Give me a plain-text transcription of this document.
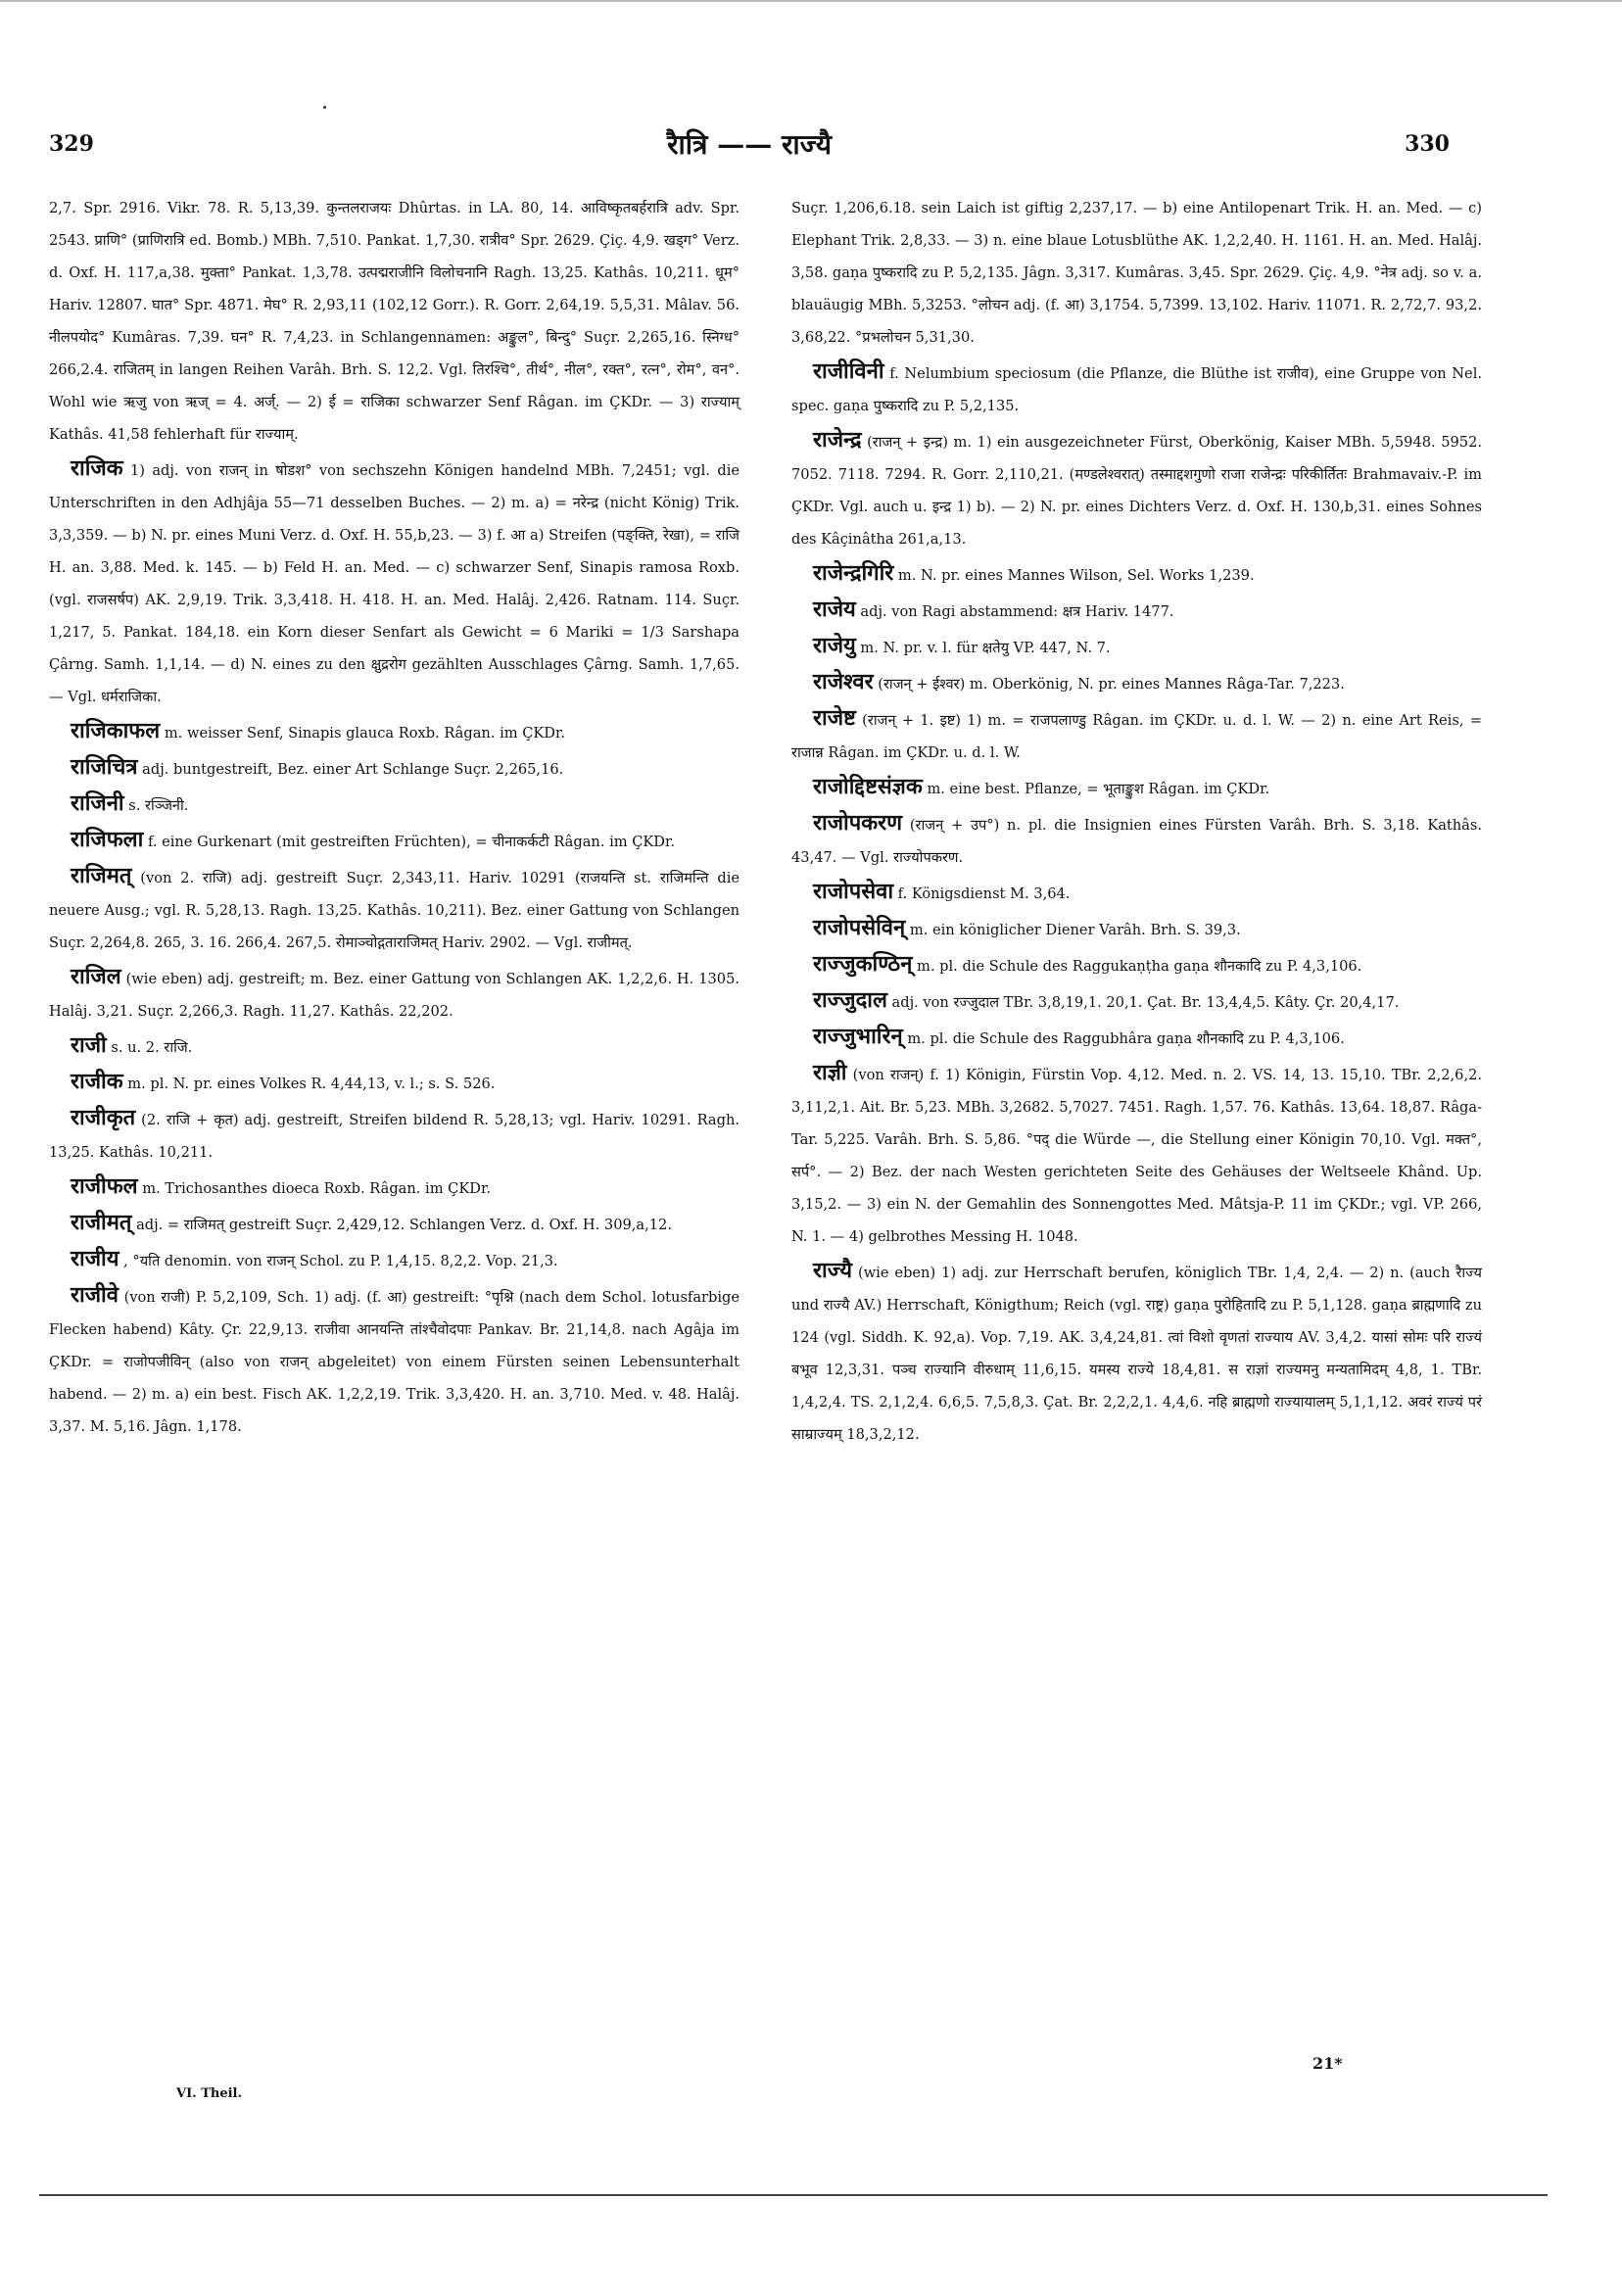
329	रैात्रि —— राज्यै	330

2,7. Spr. 2916. Vikr. 78. R. 5,13,39. कुन्तलराजयः Dhûrtas. in LA. 80, 14. आविष्कृतबर्हरात्रि adv. Spr. 2543. प्राणि° (प्राणिरात्रि ed. Bomb.) MBh. 7,510. Pankat. 1,7,30. रात्रीव° Spr. 2629. Çiç. 4,9. खड्ग° Verz. d. Oxf. H. 117,a,38. मुक्ता° Pankat. 1,3,78. उत्पद्मराजीनि विलोचनानि Ragh. 13,25. Kathâs. 10,211. धूम° Hariv. 12807. घात° Spr. 4871. मेघ° R. 2,93,11 (102,12 Gorr.). R. Gorr. 2,64,19. 5,5,31. Mâlav. 56. नीलपयोद° Kumâras. 7,39. घन° R. 7,4,23. in Schlangennamen: अङ्कुल°, बिन्दु° Suçr. 2,265,16. स्निग्ध° 266,2.4. राजितम् in langen Reihen Varâh. Brh. S. 12,2. Vgl. तिरश्चि°, तीर्थ°, नील°, रक्त°, रत्न°, रोम°, वन°. Wohl wie ऋजु von ऋज् = 4. अर्ज्. — 2) ई = राजिका schwarzer Senf Râgan. im ÇKDr. — 3) राज्याम् Kathâs. 41,58 fehlerhaft für राज्याम्.

राजिक 1) adj. von राजन् in षोडश° von sechszehn Königen handelnd MBh. 7,2451; vgl. die Unterschriften in den Adhjâja 55—71 desselben Buches. — 2) m. a) = नरेन्द्र (nicht König) Trik. 3,3,359. — b) N. pr. eines Muni Verz. d. Oxf. H. 55,b,23. — 3) f. आ a) Streifen (पङ्क्ति, रेखा), = राजि H. an. 3,88. Med. k. 145. — b) Feld H. an. Med. — c) schwarzer Senf, Sinapis ramosa Roxb. (vgl. राजसर्षप) AK. 2,9,19. Trik. 3,3,418. H. 418. H. an. Med. Halâj. 2,426. Ratnam. 114. Suçr. 1,217, 5. Pankat. 184,18. ein Korn dieser Senfart als Gewicht = 6 Mariki = 1/3 Sarshapa Çârng. Samh. 1,1,14. — d) N. eines zu den क्षुद्ररोग gezählten Ausschlages Çârng. Samh. 1,7,65. — Vgl. धर्मराजिका.

राजिकाफल m. weisser Senf, Sinapis glauca Roxb. Râgan. im ÇKDr.

राजिचित्र adj. buntgestreift, Bez. einer Art Schlange Suçr. 2,265,16.

राजिनी s. रञ्जिनी.

राजिफला f. eine Gurkenart (mit gestreiften Früchten), = चीनाकर्कटी Râgan. im ÇKDr.

राजिमत् (von 2. राजि) adj. gestreift Suçr. 2,343,11. Hariv. 10291 (राजयन्ति st. राजिमन्ति die neuere Ausg.; vgl. R. 5,28,13. Ragh. 13,25. Kathâs. 10,211). Bez. einer Gattung von Schlangen Suçr. 2,264,8. 265, 3. 16. 266,4. 267,5. रोमाञ्चोद्गताराजिमत् Hariv. 2902. — Vgl. राजीमत्.

राजिल (wie eben) adj. gestreift; m. Bez. einer Gattung von Schlangen AK. 1,2,2,6. H. 1305. Halâj. 3,21. Suçr. 2,266,3. Ragh. 11,27. Kathâs. 22,202.

राजी s. u. 2. राजि.

राजीक m. pl. N. pr. eines Volkes R. 4,44,13, v. l.; s. S. 526.

राजीकृत (2. राजि + कृत) adj. gestreift, Streifen bildend R. 5,28,13; vgl. Hariv. 10291. Ragh. 13,25. Kathâs. 10,211.

राजीफल m. Trichosanthes dioeca Roxb. Râgan. im ÇKDr.

राजीमत् adj. = राजिमत् gestreift Suçr. 2,429,12. Schlangen Verz. d. Oxf. H. 309,a,12.

राजीय , °यति denomin. von राजन् Schol. zu P. 1,4,15. 8,2,2. Vop. 21,3.

राजीवे (von राजी) P. 5,2,109, Sch. 1) adj. (f. आ) gestreift: °पृश्नि (nach dem Schol. lotusfarbige Flecken habend) Kâty. Çr. 22,9,13. राजीवा आनयन्ति तांश्चैवोदपाः Pankav. Br. 21,14,8. nach Agâja im ÇKDr. = राजोपजीविन् (also von राजन् abgeleitet) von einem Fürsten seinen Lebensunterhalt habend. — 2) m. a) ein best. Fisch AK. 1,2,2,19. Trik. 3,3,420. H. an. 3,710. Med. v. 48. Halâj. 3,37. M. 5,16. Jâgn. 1,178.

Suçr. 1,206,6.18. sein Laich ist giftig 2,237,17. — b) eine Antilopenart Trik. H. an. Med. — c) Elephant Trik. 2,8,33. — 3) n. eine blaue Lotusblüthe AK. 1,2,2,40. H. 1161. H. an. Med. Halâj. 3,58. gaṇa पुष्करादि zu P. 5,2,135. Jâgn. 3,317. Kumâras. 3,45. Spr. 2629. Çiç. 4,9. °नेत्र adj. so v. a. blauäugig MBh. 5,3253. °लोचन adj. (f. आ) 3,1754. 5,7399. 13,102. Hariv. 11071. R. 2,72,7. 93,2. 3,68,22. °प्रभलोचन 5,31,30.

राजीविनी f. Nelumbium speciosum (die Pflanze, die Blüthe ist राजीव), eine Gruppe von Nel. spec. gaṇa पुष्करादि zu P. 5,2,135.

राजेन्द्र (राजन् + इन्द्र) m. 1) ein ausgezeichneter Fürst, Oberkönig, Kaiser MBh. 5,5948. 5952. 7052. 7118. 7294. R. Gorr. 2,110,21. (मण्डलेश्वरात्) तस्माद्दशगुणो राजा राजेन्द्रः परिकीर्तितः Brahmavaiv.-P. im ÇKDr. Vgl. auch u. इन्द्र 1) b). — 2) N. pr. eines Dichters Verz. d. Oxf. H. 130,b,31. eines Sohnes des Kâçinâtha 261,a,13.

राजेन्द्रगिरि m. N. pr. eines Mannes Wilson, Sel. Works 1,239.

राजेय adj. von Ragi abstammend: क्षत्र Hariv. 1477.

राजेयु m. N. pr. v. l. für क्षतेयु VP. 447, N. 7.

राजेश्वर (राजन् + ईश्वर) m. Oberkönig, N. pr. eines Mannes Râga-Tar. 7,223.

राजेष्ट (राजन् + 1. इष्ट) 1) m. = राजपलाण्डु Râgan. im ÇKDr. u. d. l. W. — 2) n. eine Art Reis, = राजान्न Râgan. im ÇKDr. u. d. l. W.

राजोद्दिष्टसंज्ञक m. eine best. Pflanze, = भूताङ्कुश Râgan. im ÇKDr.

राजोपकरण (राजन् + उप°) n. pl. die Insignien eines Fürsten Varâh. Brh. S. 3,18. Kathâs. 43,47. — Vgl. राज्योपकरण.

राजोपसेवा f. Königsdienst M. 3,64.

राजोपसेविन् m. ein königlicher Diener Varâh. Brh. S. 39,3.

राज्जुकण्ठिन् m. pl. die Schule des Raggukaṇṭha gaṇa शौनकादि zu P. 4,3,106.

राज्जुदाल adj. von रज्जुदाल TBr. 3,8,19,1. 20,1. Çat. Br. 13,4,4,5. Kâty. Çr. 20,4,17.

राज्जुभारिन् m. pl. die Schule des Raggubhâra gaṇa शौनकादि zu P. 4,3,106.

राज्ञी (von राजन्) f. 1) Königin, Fürstin Vop. 4,12. Med. n. 2. VS. 14, 13. 15,10. TBr. 2,2,6,2. 3,11,2,1. Ait. Br. 5,23. MBh. 3,2682. 5,7027. 7451. Ragh. 1,57. 76. Kathâs. 13,64. 18,87. Râga-Tar. 5,225. Varâh. Brh. S. 5,86. °पद् die Würde —, die Stellung einer Königin 70,10. Vgl. मक्त°, सर्प°. — 2) Bez. der nach Westen gerichteten Seite des Gehäuses der Weltseele Khând. Up. 3,15,2. — 3) ein N. der Gemahlin des Sonnengottes Med. Mâtsja-P. 11 im ÇKDr.; vgl. VP. 266, N. 1. — 4) gelbrothes Messing H. 1048.

राज्यै (wie eben) 1) adj. zur Herrschaft berufen, königlich TBr. 1,4, 2,4. — 2) n. (auch रैाज्य und राज्यै AV.) Herrschaft, Königthum; Reich (vgl. राष्ट्र) gaṇa पुरोहितादि zu P. 5,1,128. gaṇa ब्राह्मणादि zu 124 (vgl. Siddh. K. 92,a). Vop. 7,19. AK. 3,4,24,81. त्वां विशो वृणतां राज्याय AV. 3,4,2. यासां सोमः परि राज्यं बभूव 12,3,31. पञ्च राज्यानि वीरुधाम् 11,6,15. यमस्य राज्ये 18,4,81. स राज्ञां राज्यमनु मन्यतामिदम् 4,8, 1. TBr. 1,4,2,4. TS. 2,1,2,4. 6,6,5. 7,5,8,3. Çat. Br. 2,2,2,1. 4,4,6. नहि ब्राह्मणो राज्यायालम् 5,1,1,12. अवरं राज्यं परं साम्राज्यम् 18,3,2,12.

VI. Theil.
21*
